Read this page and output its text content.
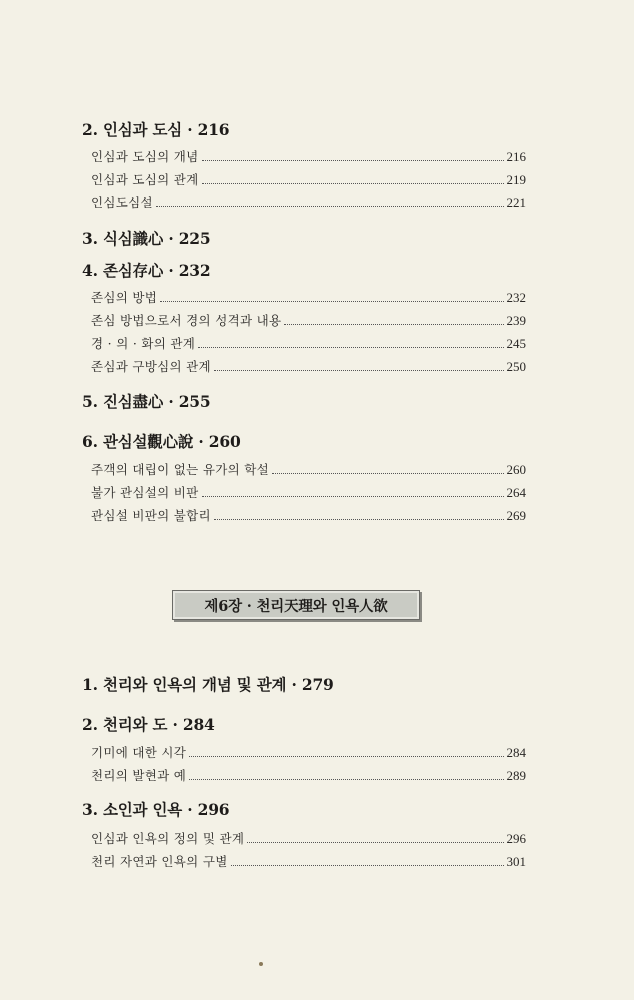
2. 인심과 도심 · 216
인심과 도심의 개념	216
인심과 도심의 관계	219
인심도심설	221
3. 식심識心 · 225
4. 존심存心 · 232
존심의 방법	232
존심 방법으로서 경의 성격과 내용	239
경 · 의 · 화의 관계	245
존심과 구방심의 관계	250
5. 진심盡心 · 255
6. 관심설觀心說 · 260
주객의 대립이 없는 유가의 학설	260
불가 관심설의 비판	264
관심설 비판의 불합리	269
제6장 · 천리天理와 인욕人欲
1. 천리와 인욕의 개념 및 관계 · 279
2. 천리와 도 · 284
기미에 대한 시각	284
천리의 발현과 예	289
3. 소인과 인욕 · 296
인심과 인욕의 정의 및 관계	296
천리 자연과 인욕의 구별	301
